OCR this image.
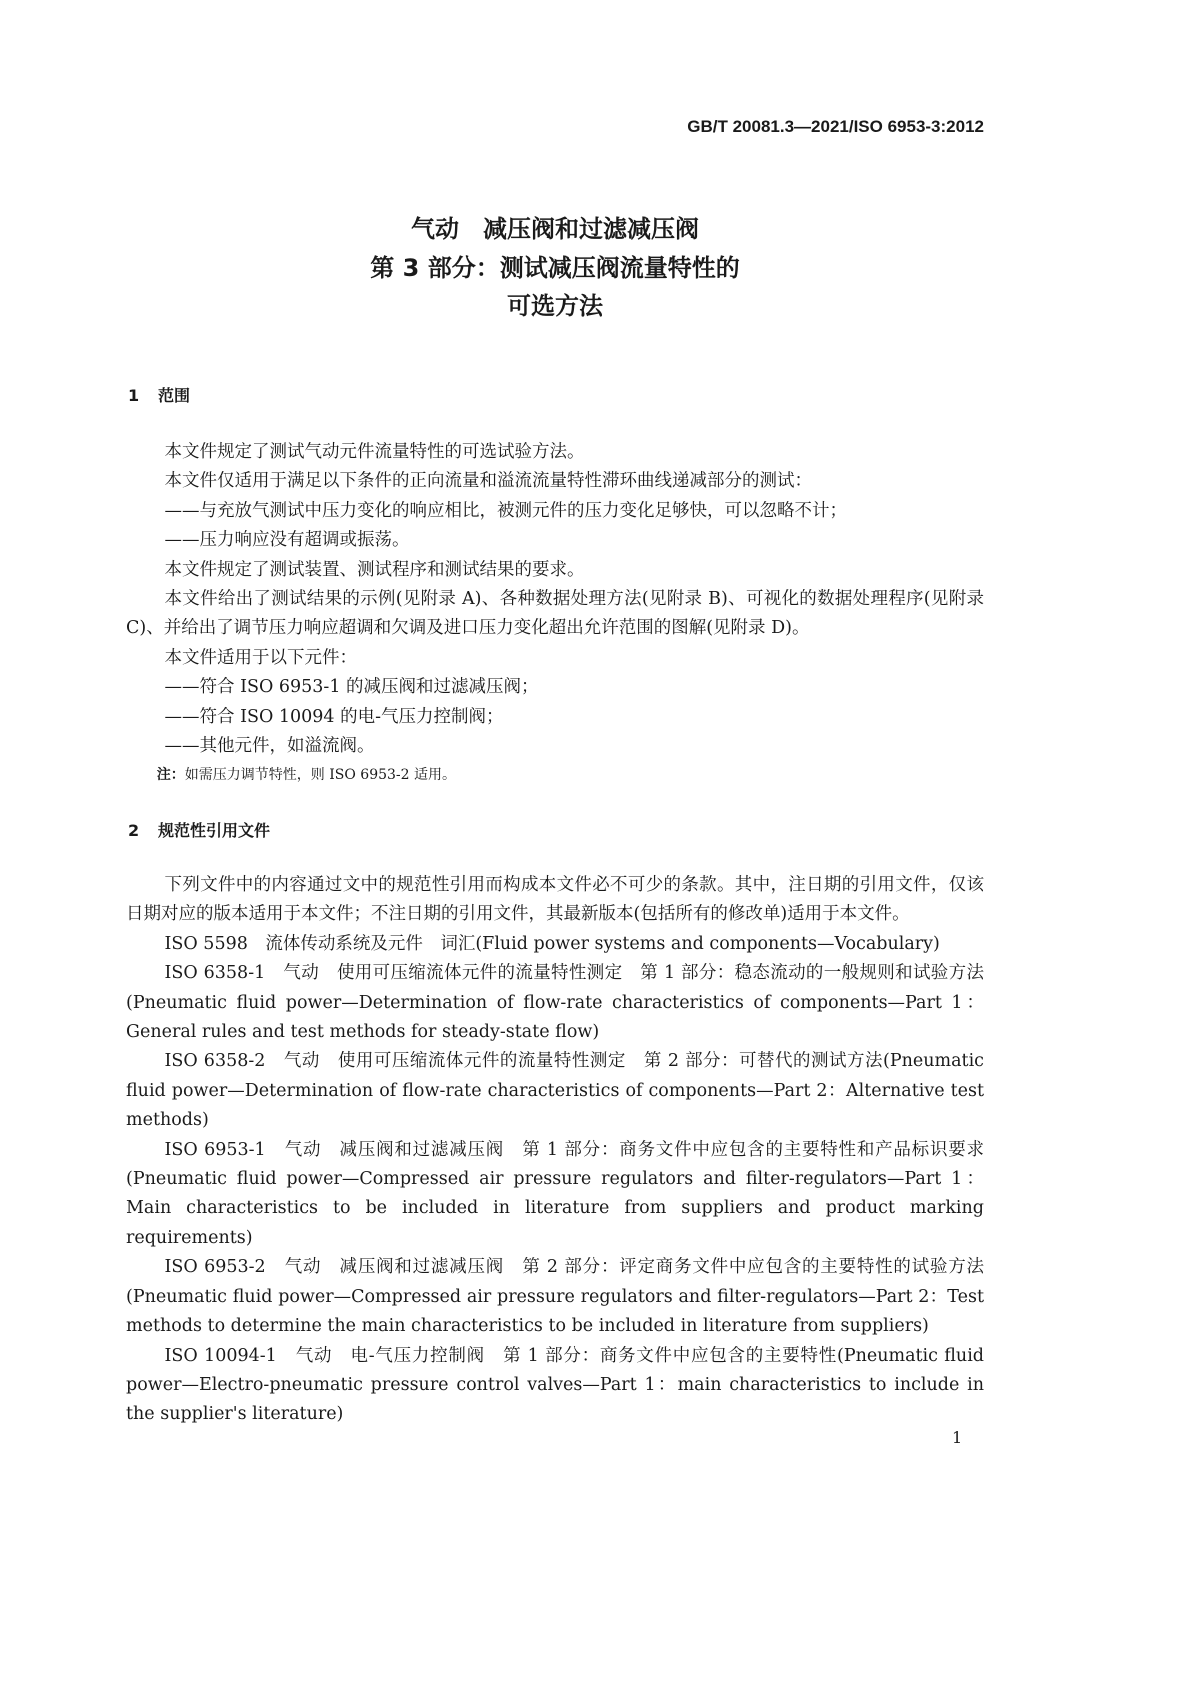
GB/T 20081.3—2021/ISO 6953-3:2012
气动　减压阀和过滤减压阀
第 3 部分：测试减压阀流量特性的
可选方法
1 范围

本文件规定了测试气动元件流量特性的可选试验方法。

本文件仅适用于满足以下条件的正向流量和溢流流量特性滞环曲线递减部分的测试：

——与充放气测试中压力变化的响应相比，被测元件的压力变化足够快，可以忽略不计；

——压力响应没有超调或振荡。

本文件规定了测试装置、测试程序和测试结果的要求。

本文件给出了测试结果的示例(见附录 A)、各种数据处理方法(见附录 B)、可视化的数据处理程序(见附录 C)、并给出了调节压力响应超调和欠调及进口压力变化超出允许范围的图解(见附录 D)。

本文件适用于以下元件：

——符合 ISO 6953-1 的减压阀和过滤减压阀；

——符合 ISO 10094 的电-气压力控制阀；

——其他元件，如溢流阀。

注：如需压力调节特性，则 ISO 6953-2 适用。

2 规范性引用文件

下列文件中的内容通过文中的规范性引用而构成本文件必不可少的条款。其中，注日期的引用文件，仅该日期对应的版本适用于本文件；不注日期的引用文件，其最新版本(包括所有的修改单)适用于本文件。

ISO 5598　流体传动系统及元件　词汇(Fluid power systems and components—Vocabulary)

ISO 6358-1　气动　使用可压缩流体元件的流量特性测定　第 1 部分：稳态流动的一般规则和试验方法(Pneumatic fluid power—Determination of flow-rate characteristics of components—Part 1：General rules and test methods for steady-state flow)

ISO 6358-2　气动　使用可压缩流体元件的流量特性测定　第 2 部分：可替代的测试方法(Pneumatic fluid power—Determination of flow-rate characteristics of components—Part 2：Alternative test methods)

ISO 6953-1　气动　减压阀和过滤减压阀　第 1 部分：商务文件中应包含的主要特性和产品标识要求(Pneumatic fluid power—Compressed air pressure regulators and filter-regulators—Part 1：Main characteristics to be included in literature from suppliers and product marking requirements)

ISO 6953-2　气动　减压阀和过滤减压阀　第 2 部分：评定商务文件中应包含的主要特性的试验方法(Pneumatic fluid power—Compressed air pressure regulators and filter-regulators—Part 2：Test methods to determine the main characteristics to be included in literature from suppliers)

ISO 10094-1　气动　电-气压力控制阀　第 1 部分：商务文件中应包含的主要特性(Pneumatic fluid power—Electro-pneumatic pressure control valves—Part 1：main characteristics to include in the supplier's literature)

1
